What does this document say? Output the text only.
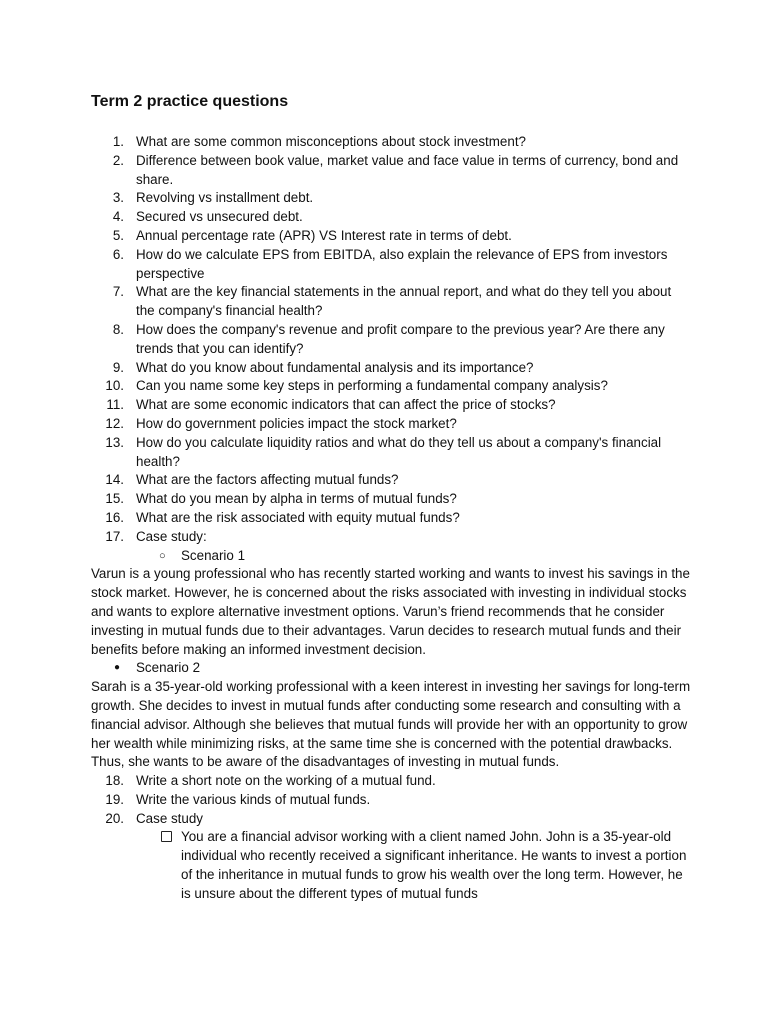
Term 2 practice questions
1. What are some common misconceptions about stock investment?
2. Difference between book value, market value and face value in terms of currency, bond and share.
3. Revolving vs installment debt.
4. Secured vs unsecured debt.
5. Annual percentage rate (APR) VS Interest rate in terms of debt.
6. How do we calculate EPS from EBITDA, also explain the relevance of EPS from investors perspective
7. What are the key financial statements in the annual report, and what do they tell you about the company's financial health?
8. How does the company's revenue and profit compare to the previous year? Are there any trends that you can identify?
9. What do you know about fundamental analysis and its importance?
10. Can you name some key steps in performing a fundamental company analysis?
11. What are some economic indicators that can affect the price of stocks?
12. How do government policies impact the stock market?
13. How do you calculate liquidity ratios and what do they tell us about a company's financial health?
14. What are the factors affecting mutual funds?
15. What do you mean by alpha in terms of mutual funds?
16. What are the risk associated with equity mutual funds?
17. Case study:
○ Scenario 1

Varun is a young professional who has recently started working and wants to invest his savings in the stock market. However, he is concerned about the risks associated with investing in individual stocks and wants to explore alternative investment options. Varun’s friend recommends that he consider investing in mutual funds due to their advantages. Varun decides to research mutual funds and their benefits before making an informed investment decision.

● Scenario 2

Sarah is a 35-year-old working professional with a keen interest in investing her savings for long-term growth. She decides to invest in mutual funds after conducting some research and consulting with a financial advisor. Although she believes that mutual funds will provide her with an opportunity to grow her wealth while minimizing risks, at the same time she is concerned with the potential drawbacks. Thus, she wants to be aware of the disadvantages of investing in mutual funds.

18. Write a short note on the working of a mutual fund.
19. Write the various kinds of mutual funds.
20. Case study
You are a financial advisor working with a client named John. John is a 35-year-old individual who recently received a significant inheritance. He wants to invest a portion of the inheritance in mutual funds to grow his wealth over the long term. However, he is unsure about the different types of mutual funds
